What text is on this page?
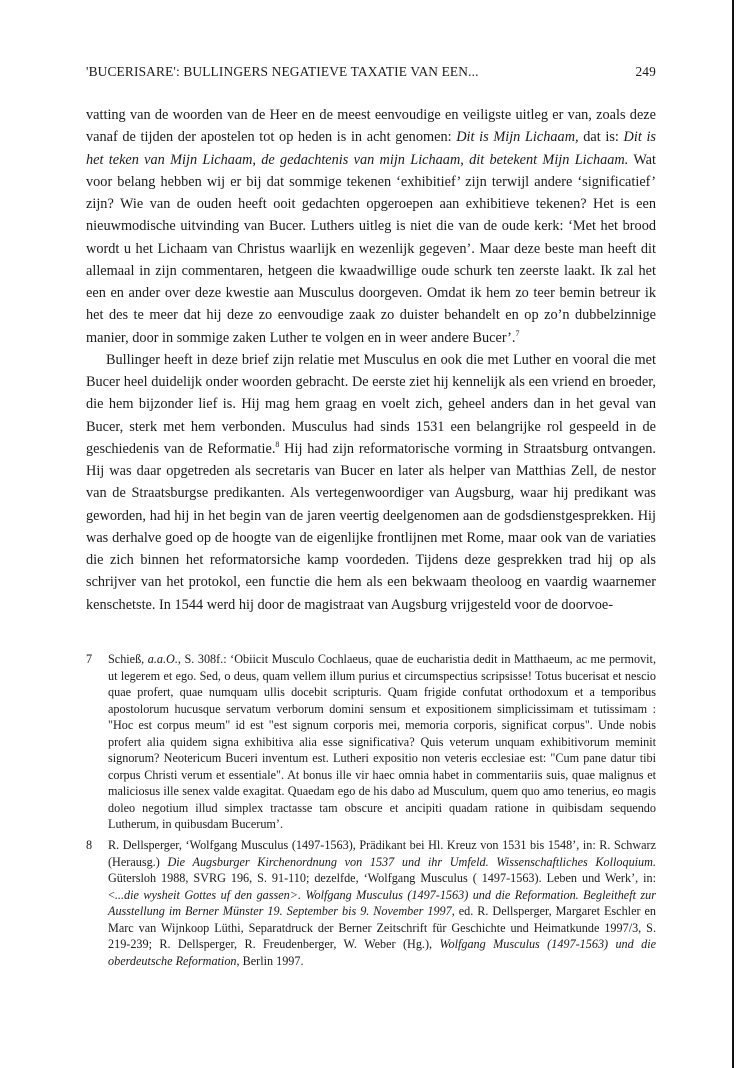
'BUCERISARE': BULLINGERS NEGATIEVE TAXATIE VAN EEN...	249

vatting van de woorden van de Heer en de meest eenvoudige en veiligste uitleg er van, zoals deze vanaf de tijden der apostelen tot op heden is in acht genomen: Dit is Mijn Lichaam, dat is: Dit is het teken van Mijn Lichaam, de gedachtenis van mijn Lichaam, dit betekent Mijn Lichaam. Wat voor belang hebben wij er bij dat sommige tekenen ‘exhibitief’ zijn terwijl andere ‘significatief’ zijn? Wie van de ouden heeft ooit gedachten opgeroepen aan exhibitieve tekenen? Het is een nieuwmodische uitvinding van Bucer. Luthers uitleg is niet die van de oude kerk: ‘Met het brood wordt u het Lichaam van Christus waarlijk en wezenlijk gegeven’. Maar deze beste man heeft dit allemaal in zijn commentaren, hetgeen die kwaadwillige oude schurk ten zeerste laakt. Ik zal het een en ander over deze kwestie aan Musculus doorgeven. Omdat ik hem zo teer bemin betreur ik het des te meer dat hij deze zo eenvoudige zaak zo duister behandelt en op zo’n dubbelzinnige manier, door in sommige zaken Luther te volgen en in weer andere Bucer’.$^7$

Bullinger heeft in deze brief zijn relatie met Musculus en ook die met Luther en vooral die met Bucer heel duidelijk onder woorden gebracht. De eerste ziet hij kennelijk als een vriend en broeder, die hem bijzonder lief is. Hij mag hem graag en voelt zich, geheel anders dan in het geval van Bucer, sterk met hem verbonden. Musculus had sinds 1531 een belangrijke rol gespeeld in de geschiedenis van de Reformatie.$^8$ Hij had zijn reformatorische vorming in Straatsburg ontvangen. Hij was daar opgetreden als secretaris van Bucer en later als helper van Matthias Zell, de nestor van de Straatsburgse predikanten. Als vertegenwoordiger van Augsburg, waar hij predikant was geworden, had hij in het begin van de jaren veertig deelgenomen aan de godsdienstgesprekken. Hij was derhalve goed op de hoogte van de eigenlijke frontlijnen met Rome, maar ook van de variaties die zich binnen het reformatorsiche kamp voordeden. Tijdens deze gesprekken trad hij op als schrijver van het protokol, een functie die hem als een bekwaam theoloog en vaardig waarnemer kenschetste. In 1544 werd hij door de magistraat van Augsburg vrijgesteld voor de doorvoe-

7 Schieß, a.a.O., S. 308f.: ‘Obiicit Musculo Cochlaeus, quae de eucharistia dedit in Matthaeum, ac me permovit, ut legerem et ego. Sed, o deus, quam vellem illum purius et circumspectius scripsisse! Totus bucerisat et nescio quae profert, quae numquam ullis docebit scripturis. Quam frigide confutat orthodoxum et a temporibus apostolorum hucusque servatum verborum domini sensum et expositionem simplicissimam et tutissimam : "Hoc est corpus meum" id est "est signum corporis mei, memoria corporis, significat corpus". Unde nobis profert alia quidem signa exhibitiva alia esse significativa? Quis veterum unquam exhibitivorum meminit signorum? Neotericum Buceri inventum est. Lutheri expositio non veteris ecclesiae est: "Cum pane datur tibi corpus Christi verum et essentiale". At bonus ille vir haec omnia habet in commentariis suis, quae malignus et maliciosus ille senex valde exagitat. Quaedam ego de his dabo ad Musculum, quem quo amo tenerius, eo magis doleo negotium illud simplex tractasse tam obscure et ancipiti quadam ratione in quibisdam sequendo Lutherum, in quibusdam Bucerum’.

8 R. Dellsperger, ‘Wolfgang Musculus (1497-1563), Prädikant bei Hl. Kreuz von 1531 bis 1548’, in: R. Schwarz (Herausg.) Die Augsburger Kirchenordnung von 1537 und ihr Umfeld. Wissenschaftliches Kolloquium. Gütersloh 1988, SVRG 196, S. 91-110; dezelfde, ‘Wolfgang Musculus ( 1497-1563). Leben und Werk’, in: <...die wysheit Gottes uf den gassen>. Wolfgang Musculus (1497-1563) und die Reformation. Begleitheft zur Ausstellung im Berner Münster 19. September bis 9. November 1997, ed. R. Dellsperger, Margaret Eschler en Marc van Wijnkoop Lüthi, Separatdruck der Berner Zeitschrift für Geschichte und Heimatkunde 1997/3, S. 219-239; R. Dellsperger, R. Freudenberger, W. Weber (Hg.), Wolfgang Musculus (1497-1563) und die oberdeutsche Reformation, Berlin 1997.
